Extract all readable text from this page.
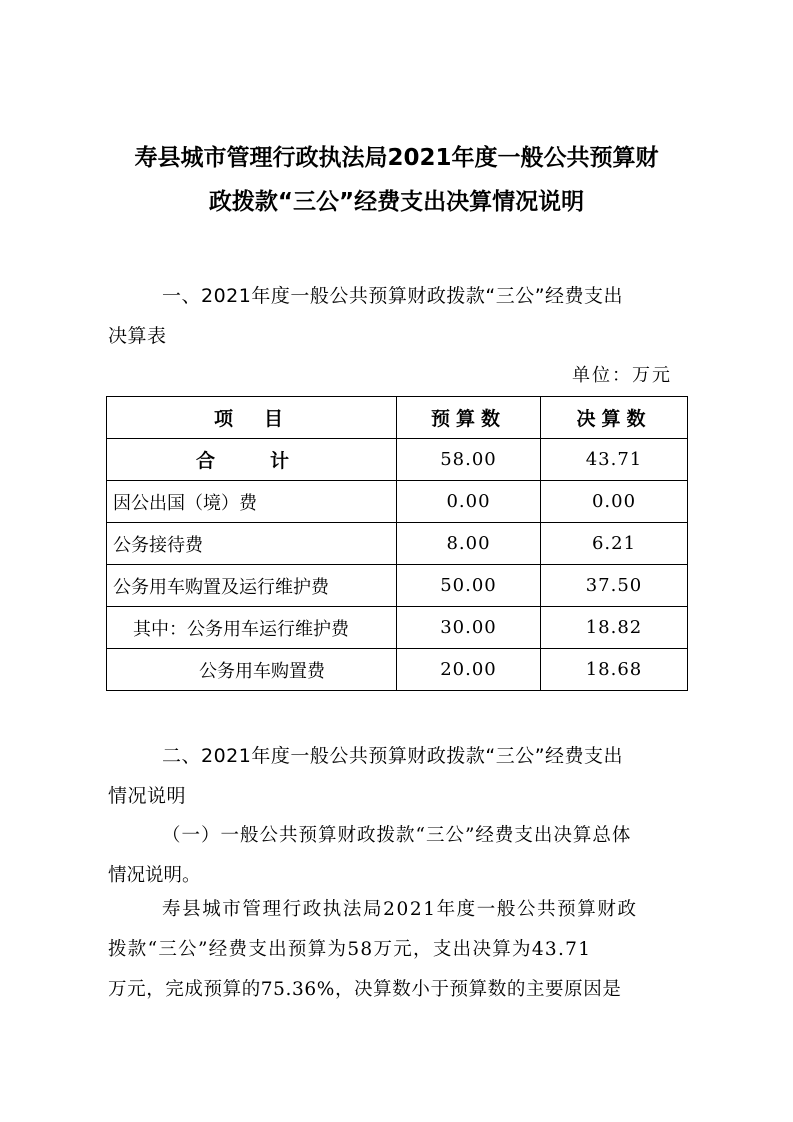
寿县城市管理行政执法局2021年度一般公共预算财
政拨款“三公”经费支出决算情况说明
一、2021年度一般公共预算财政拨款“三公”经费支出
决算表
单位：万元
项　目	预算数	决算数
合　计	58.00	43.71
因公出国（境）费	0.00	0.00
公务接待费	8.00	6.21
公务用车购置及运行维护费	50.00	37.50
其中：公务用车运行维护费	30.00	18.82
公务用车购置费	20.00	18.68
二、2021年度一般公共预算财政拨款“三公”经费支出
情况说明
（一）一般公共预算财政拨款“三公”经费支出决算总体
情况说明。
寿县城市管理行政执法局2021年度一般公共预算财政
拨款“三公”经费支出预算为58万元，支出决算为43.71
万元，完成预算的75.36%，决算数小于预算数的主要原因是
